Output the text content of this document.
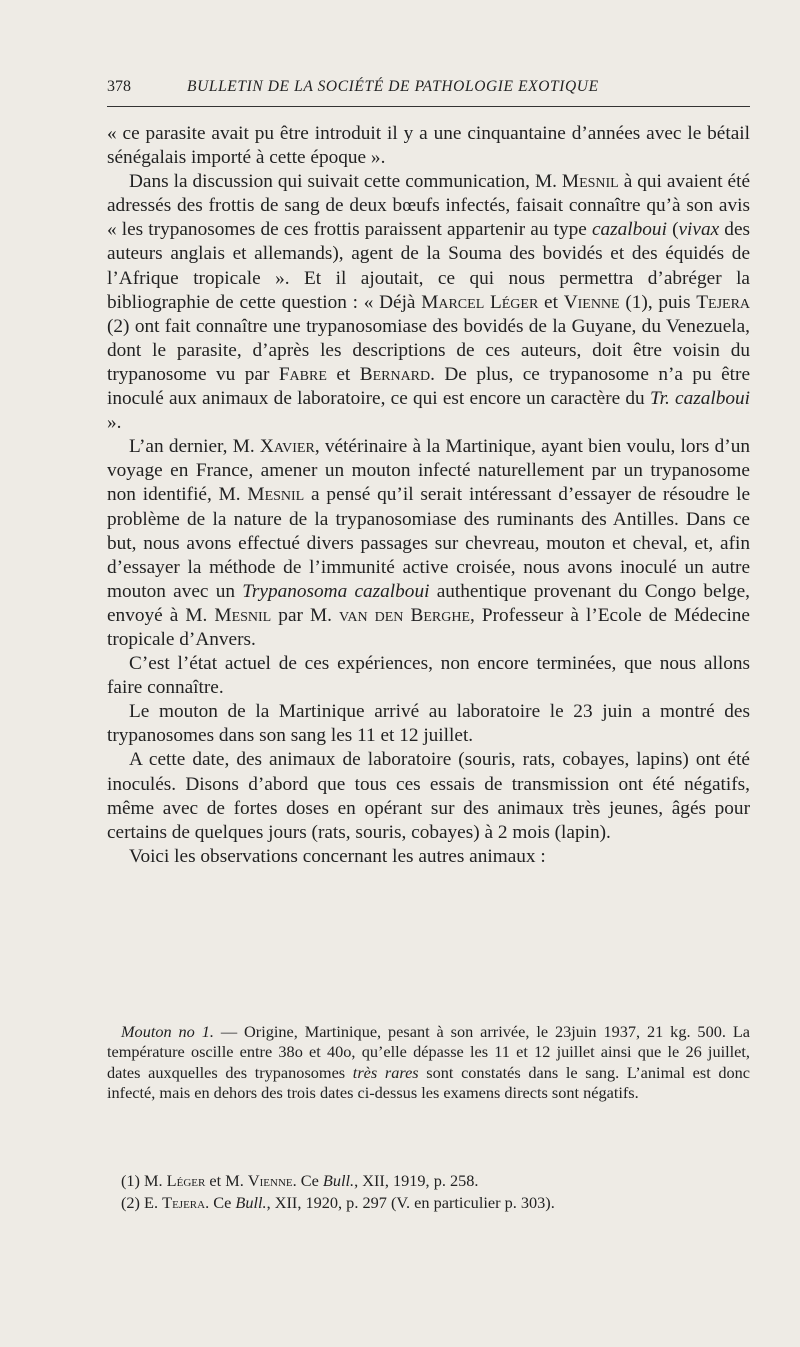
378	BULLETIN DE LA SOCIÉTÉ DE PATHOLOGIE EXOTIQUE

« ce parasite avait pu être introduit il y a une cinquantaine d’années avec le bétail sénégalais importé à cette époque ».

Dans la discussion qui suivait cette communication, M. Mesnil à qui avaient été adressés des frottis de sang de deux bœufs infectés, faisait connaître qu’à son avis « les trypanosomes de ces frottis paraissent appartenir au type cazalboui (vivax des auteurs anglais et allemands), agent de la Souma des bovidés et des équidés de l’Afrique tropicale ». Et il ajoutait, ce qui nous permettra d’abréger la bibliographie de cette question : « Déjà Marcel Léger et Vienne (1), puis Tejera (2) ont fait connaître une trypanosomiase des bovidés de la Guyane, du Venezuela, dont le parasite, d’après les descriptions de ces auteurs, doit être voisin du trypanosome vu par Fabre et Bernard. De plus, ce trypanosome n’a pu être inoculé aux animaux de laboratoire, ce qui est encore un caractère du Tr. cazalboui ».

L’an dernier, M. Xavier, vétérinaire à la Martinique, ayant bien voulu, lors d’un voyage en France, amener un mouton infecté naturellement par un trypanosome non identifié, M. Mesnil a pensé qu’il serait intéressant d’essayer de résoudre le problème de la nature de la trypanosomiase des ruminants des Antilles. Dans ce but, nous avons effectué divers passages sur chevreau, mouton et cheval, et, afin d’essayer la méthode de l’immunité active croisée, nous avons inoculé un autre mouton avec un Trypanosoma cazalboui authentique provenant du Congo belge, envoyé à M. Mesnil par M. van den Berghe, Professeur à l’Ecole de Médecine tropicale d’Anvers.

C’est l’état actuel de ces expériences, non encore terminées, que nous allons faire connaître.

Le mouton de la Martinique arrivé au laboratoire le 23 juin a montré des trypanosomes dans son sang les 11 et 12 juillet.

A cette date, des animaux de laboratoire (souris, rats, cobayes, lapins) ont été inoculés. Disons d’abord que tous ces essais de transmission ont été négatifs, même avec de fortes doses en opérant sur des animaux très jeunes, âgés pour certains de quelques jours (rats, souris, cobayes) à 2 mois (lapin).

Voici les observations concernant les autres animaux :

Mouton no 1. — Origine, Martinique, pesant à son arrivée, le 23juin 1937, 21 kg. 500. La température oscille entre 38o et 40o, qu’elle dépasse les 11 et 12 juillet ainsi que le 26 juillet, dates auxquelles des trypanosomes très rares sont constatés dans le sang. L’animal est donc infecté, mais en dehors des trois dates ci-dessus les examens directs sont négatifs.

(1) M. Léger et M. Vienne. Ce Bull., XII, 1919, p. 258.

(2) E. Tejera. Ce Bull., XII, 1920, p. 297 (V. en particulier p. 303).
